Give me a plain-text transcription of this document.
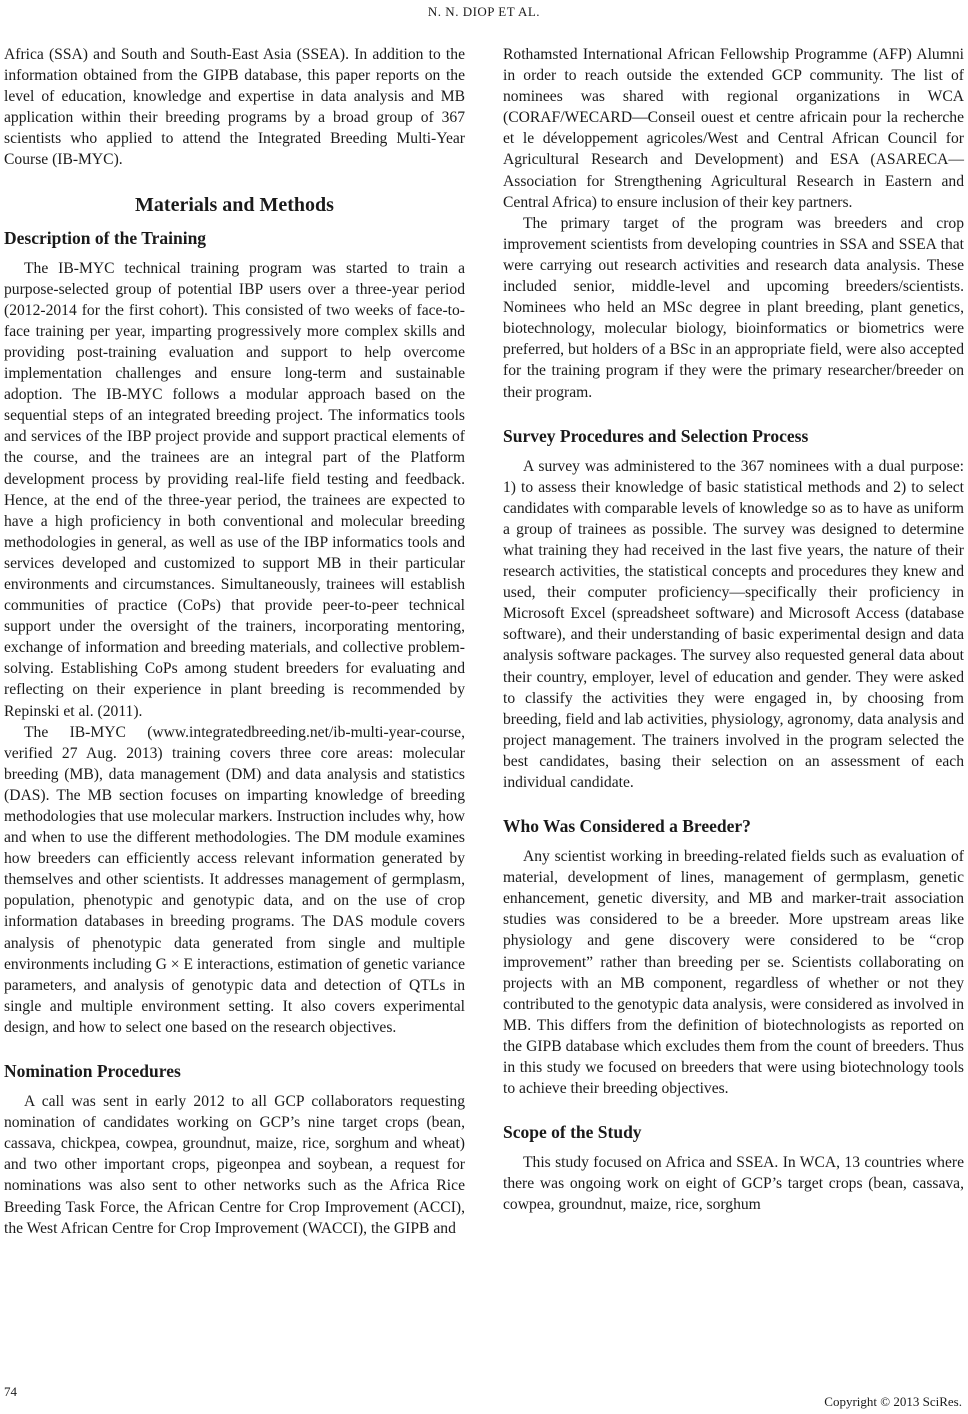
N. N. DIOP ET AL.

Africa (SSA) and South and South-East Asia (SSEA). In addition to the information obtained from the GIPB database, this paper reports on the level of education, knowledge and expertise in data analysis and MB application within their breeding programs by a broad group of 367 scientists who applied to attend the Integrated Breeding Multi-Year Course (IB-MYC).

Materials and Methods
Description of the Training

The IB-MYC technical training program was started to train a purpose-selected group of potential IBP users over a three-year period (2012-2014 for the first cohort). This consisted of two weeks of face-to-face training per year, imparting progressively more complex skills and providing post-training evaluation and support to help overcome implementation challenges and ensure long-term and sustainable adoption. The IB-MYC follows a modular approach based on the sequential steps of an integrated breeding project. The informatics tools and services of the IBP project provide and support practical elements of the course, and the trainees are an integral part of the Platform development process by providing real-life field testing and feedback. Hence, at the end of the three-year period, the trainees are expected to have a high proficiency in both conventional and molecular breeding methodologies in general, as well as use of the IBP informatics tools and services developed and customized to support MB in their particular environments and circumstances. Simultaneously, trainees will establish communities of practice (CoPs) that provide peer-to-peer technical support under the oversight of the trainers, incorporating mentoring, exchange of information and breeding materials, and collective problem-solving. Establishing CoPs among student breeders for evaluating and reflecting on their experience in plant breeding is recommended by Repinski et al. (2011).

The IB-MYC (www.integratedbreeding.net/ib-multi-year-course, verified 27 Aug. 2013) training covers three core areas: molecular breeding (MB), data management (DM) and data analysis and statistics (DAS). The MB section focuses on imparting knowledge of breeding methodologies that use molecular markers. Instruction includes why, how and when to use the different methodologies. The DM module examines how breeders can efficiently access relevant information generated by themselves and other scientists. It addresses management of germplasm, population, phenotypic and genotypic data, and on the use of crop information databases in breeding programs. The DAS module covers analysis of phenotypic data generated from single and multiple environments including G × E interactions, estimation of genetic variance parameters, and analysis of genotypic data and detection of QTLs in single and multiple environment setting. It also covers experimental design, and how to select one based on the research objectives.

Nomination Procedures

A call was sent in early 2012 to all GCP collaborators requesting nomination of candidates working on GCP’s nine target crops (bean, cassava, chickpea, cowpea, groundnut, maize, rice, sorghum and wheat) and two other important crops, pigeonpea and soybean, a request for nominations was also sent to other networks such as the Africa Rice Breeding Task Force, the African Centre for Crop Improvement (ACCI), the West African Centre for Crop Improvement (WACCI), the GIPB and

Rothamsted International African Fellowship Programme (AFP) Alumni in order to reach outside the extended GCP community. The list of nominees was shared with regional organizations in WCA (CORAF/WECARD—Conseil ouest et centre africain pour la recherche et le développement agricoles/West and Central African Council for Agricultural Research and Development) and ESA (ASARECA—Association for Strengthening Agricultural Research in Eastern and Central Africa) to ensure inclusion of their key partners.

The primary target of the program was breeders and crop improvement scientists from developing countries in SSA and SSEA that were carrying out research activities and research data analysis. These included senior, middle-level and upcoming breeders/scientists. Nominees who held an MSc degree in plant breeding, plant genetics, biotechnology, molecular biology, bioinformatics or biometrics were preferred, but holders of a BSc in an appropriate field, were also accepted for the training program if they were the primary researcher/breeder on their program.

Survey Procedures and Selection Process

A survey was administered to the 367 nominees with a dual purpose: 1) to assess their knowledge of basic statistical methods and 2) to select candidates with comparable levels of knowledge so as to have as uniform a group of trainees as possible. The survey was designed to determine what training they had received in the last five years, the nature of their research activities, the statistical concepts and procedures they knew and used, their computer proficiency—specifically their proficiency in Microsoft Excel (spreadsheet software) and Microsoft Access (database software), and their understanding of basic experimental design and data analysis software packages. The survey also requested general data about their country, employer, level of education and gender. They were asked to classify the activities they were engaged in, by choosing from breeding, field and lab activities, physiology, agronomy, data analysis and project management. The trainers involved in the program selected the best candidates, basing their selection on an assessment of each individual candidate.

Who Was Considered a Breeder?

Any scientist working in breeding-related fields such as evaluation of material, development of lines, management of germplasm, genetic enhancement, genetic diversity, and MB and marker-trait association studies was considered to be a breeder. More upstream areas like physiology and gene discovery were considered to be “crop improvement” rather than breeding per se. Scientists collaborating on projects with an MB component, regardless of whether or not they contributed to the genotypic data analysis, were considered as involved in MB. This differs from the definition of biotechnologists as reported on the GIPB database which excludes them from the count of breeders. Thus in this study we focused on breeders that were using biotechnology tools to achieve their breeding objectives.

Scope of the Study

This study focused on Africa and SSEA. In WCA, 13 countries where there was ongoing work on eight of GCP’s target crops (bean, cassava, cowpea, groundnut, maize, rice, sorghum

74
Copyright © 2013 SciRes.
